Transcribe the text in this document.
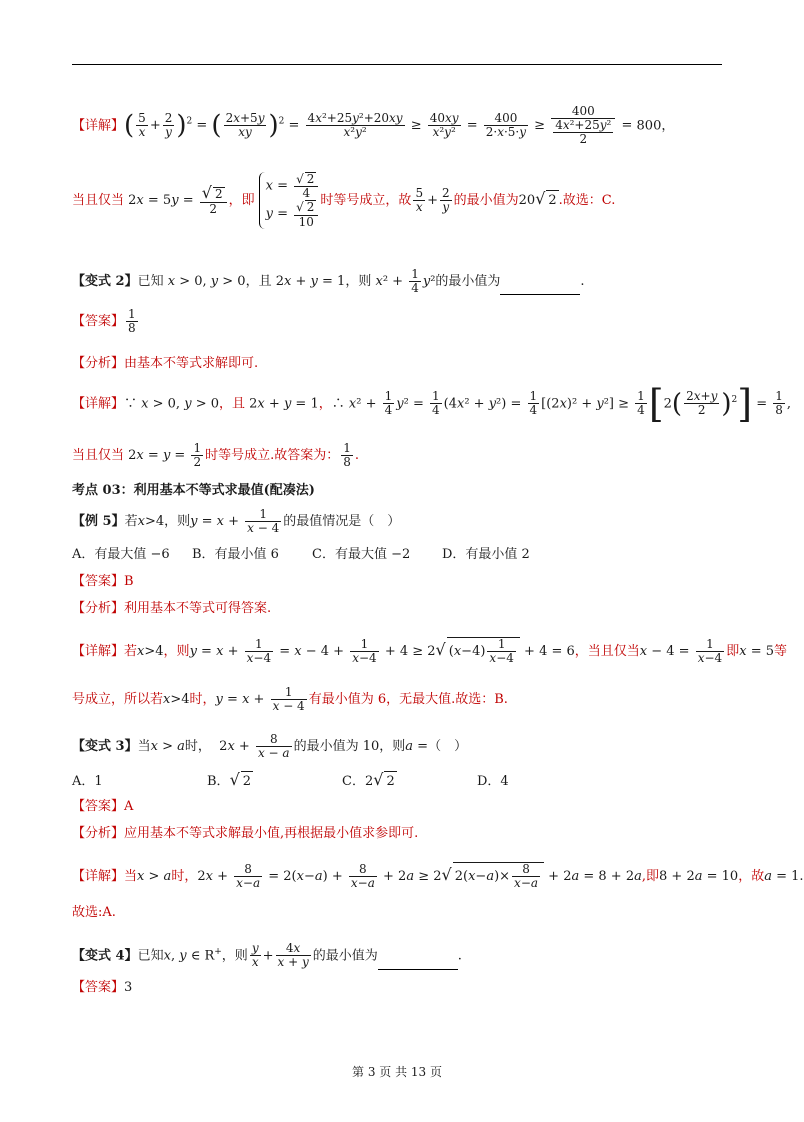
【详解】( $\frac{5}{x} + \frac{2}{y} )^2$ = ( $\frac{2x+5y}{xy} )^2 = \frac{\text{4x²+25y²+20xy}}{\text{x²y²}} \ge \frac{40xy}{\text{x²y²}} = \frac{400}{2\cdot x\cdot 5\cdot y} \ge \frac{400}{\frac{\text{4x²+25y²}}{2}} = 800$，
当且仅当 $2x = 5y = \frac{√ 2}{2}$ ，即
$x = \frac{√ 2}{4}$
$y = \frac{√ 2}{10}$ 时等号成立，故 $\frac{5}{x} + \frac{2}{y}$ 的最小值为20√ 2 .故选：C.
【变式 2】已知 x > 0, y > 0，且 2x + y = 1，则 $x^2 + \frac{1}{4} y^2$的最小值为	.
【答案】 $\frac{1}{8}$
【分析】由基本不等式求解即可.
【详解】∵ x > 0, y > 0，且 2x + y = 1，∴ $x^2 + \frac{1}{4} y^2 = \frac{1}{4} (4x^2 + y^2) = \frac{1}{4} [(2x)^2 + y^2] \ge \frac{1}{4} [2( \frac{2x+y}{2} )^2] = \frac{1}{8}$ ,
当且仅当 $2x = y = \frac{1}{2}$ 时等号成立.故答案为： $\frac{1}{8}$ .
考点 03：利用基本不等式求最值(配凑法)
【例 5】若x>4，则$y = x + \frac{1}{x - 4}$ 的最值情况是（　）
A．有最大值 −6 B．有最小值 6	C．有最大值 −2 D．有最小值 2
【答案】B
【分析】利用基本不等式可得答案.
【详解】若x>4，则$y = x + \frac{1}{x-4} = x - 4 + \frac{1}{x-4} + 4 \ge 2√$ $(x-4) \frac{1}{x-4} + 4 = 6$，当且仅当$x - 4 = \frac{1}{x-4}$ 即x = 5等
号成立，所以若x>4时，$y = x + \frac{1}{x - 4}$ 有最小值为 6，无最大值.故选：B.
【变式 3】当x > a时，  $2x + \frac{8}{x - a}$ 的最小值为 10，则a =（　）
A．1	B．√ 2	C．2√ 2	D．4
【答案】A
【分析】应用基本不等式求解最小值,再根据最小值求参即可.
【详解】当x > a时，$2x + \frac{8}{x-a} = 2(x-a) + \frac{8}{x-a} + 2a \ge 2√$ $2(x-a)\times \frac{8}{x-a} + 2a = 8 + 2a$,即8 + 2a = 10，故a = 1.
故选:A.
【变式 4】已知x, y ∈ R+，则 $\frac{y}{x} + \frac{4x}{x + y}$ 的最小值为	.
【答案】3
第 3 页 共 13 页
